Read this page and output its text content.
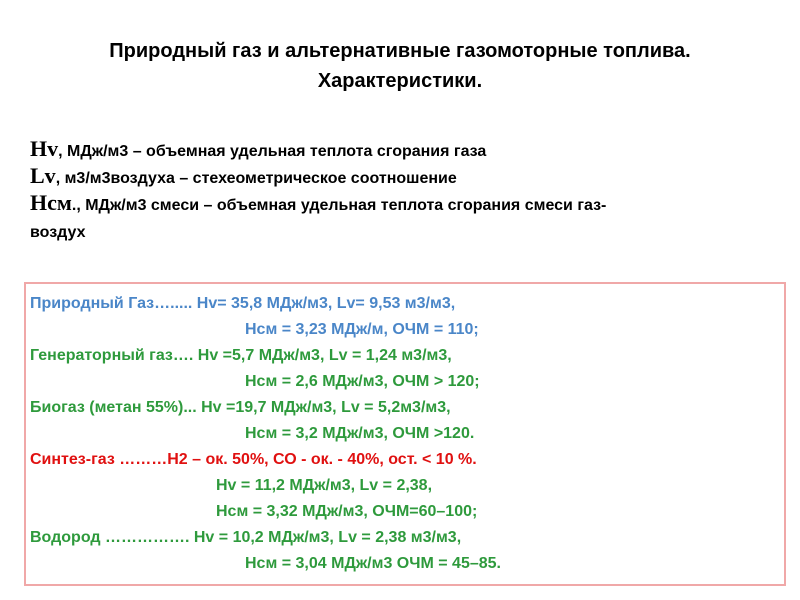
Природный газ и альтернативные газомоторные топлива.
Характеристики.
Нv, МДж/м3 – объемная удельная теплота сгорания газа
Lv, м3/м3воздуха – стехеометрическое соотношение
Нсм., МДж/м3 смеси – объемная удельная теплота сгорания смеси газ-
воздух
Природный Газ…..... Нv= 35,8 МДж/м3, Lv= 9,53 м3/м3,
Нсм = 3,23 МДж/м, ОЧМ = 110;
Генераторный газ…. Нv =5,7 МДж/м3, Lv = 1,24 м3/м3,
Нсм = 2,6 МДж/м3, ОЧМ > 120;
Биогаз (метан 55%)... Нv =19,7 МДж/м3, Lv = 5,2м3/м3,
Нсм = 3,2 МДж/м3, ОЧМ >120.
Синтез-газ ………Н2 – ок. 50%, СО - ок. - 40%, ост. < 10 %.
Нv = 11,2 МДж/м3, Lv = 2,38,
Нсм = 3,32 МДж/м3, ОЧМ=60–100;
Водород ……………. Нv = 10,2 МДж/м3, Lv = 2,38 м3/м3,
Нсм = 3,04 МДж/м3 ОЧМ = 45–85.
